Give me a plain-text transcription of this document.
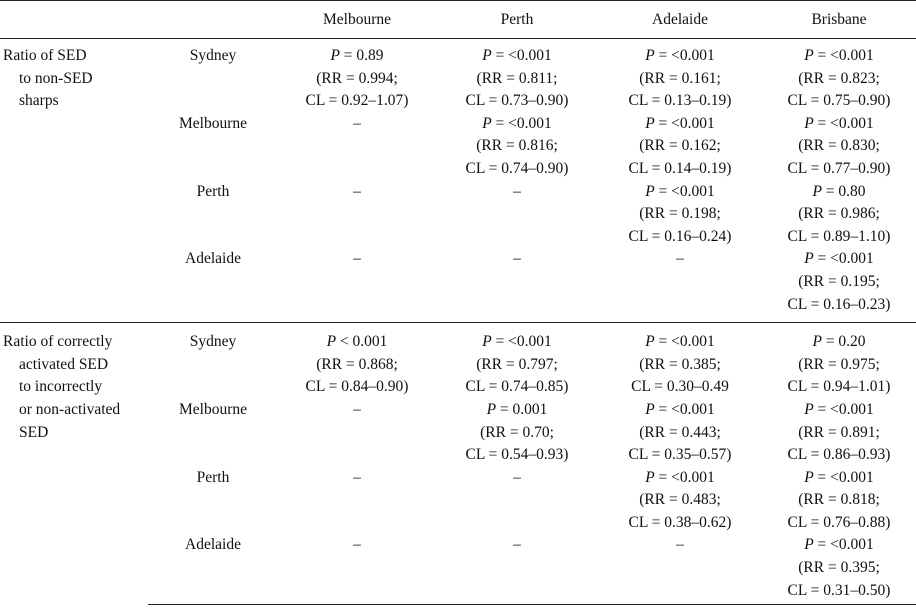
		Melbourne	Perth	Adelaide	Brisbane

Ratio of SED
to non-SED
sharps	Sydney	P = 0.89
(RR = 0.994;
CL = 0.92–1.07)	P = <0.001
(RR = 0.811;
CL = 0.73–0.90)	P = <0.001
(RR = 0.161;
CL = 0.13–0.19)	P = <0.001
(RR = 0.823;
CL = 0.75–0.90)

	Melbourne	–	P = <0.001
(RR = 0.816;
CL = 0.74–0.90)	P = <0.001
(RR = 0.162;
CL = 0.14–0.19)	P = <0.001
(RR = 0.830;
CL = 0.77–0.90)

	Perth	–	–	P = <0.001
(RR = 0.198;
CL = 0.16–0.24)	P = 0.80
(RR = 0.986;
CL = 0.89–1.10)

	Adelaide	–	–	–	P = <0.001
(RR = 0.195;
CL = 0.16–0.23)

Ratio of correctly
activated SED
to incorrectly
or non-activated
SED	Sydney	P < 0.001
(RR = 0.868;
CL = 0.84–0.90)	P = <0.001
(RR = 0.797;
CL = 0.74–0.85)	P = <0.001
(RR = 0.385;
CL = 0.30–0.49	P = 0.20
(RR = 0.975;
CL = 0.94–1.01)

	Melbourne	–	P = 0.001
(RR = 0.70;
CL = 0.54–0.93)	P = <0.001
(RR = 0.443;
CL = 0.35–0.57)	P = <0.001
(RR = 0.891;
CL = 0.86–0.93)

	Perth	–	–	P = <0.001
(RR = 0.483;
CL = 0.38–0.62)	P = <0.001
(RR = 0.818;
CL = 0.76–0.88)

	Adelaide	–	–	–	P = <0.001
(RR = 0.395;
CL = 0.31–0.50)
